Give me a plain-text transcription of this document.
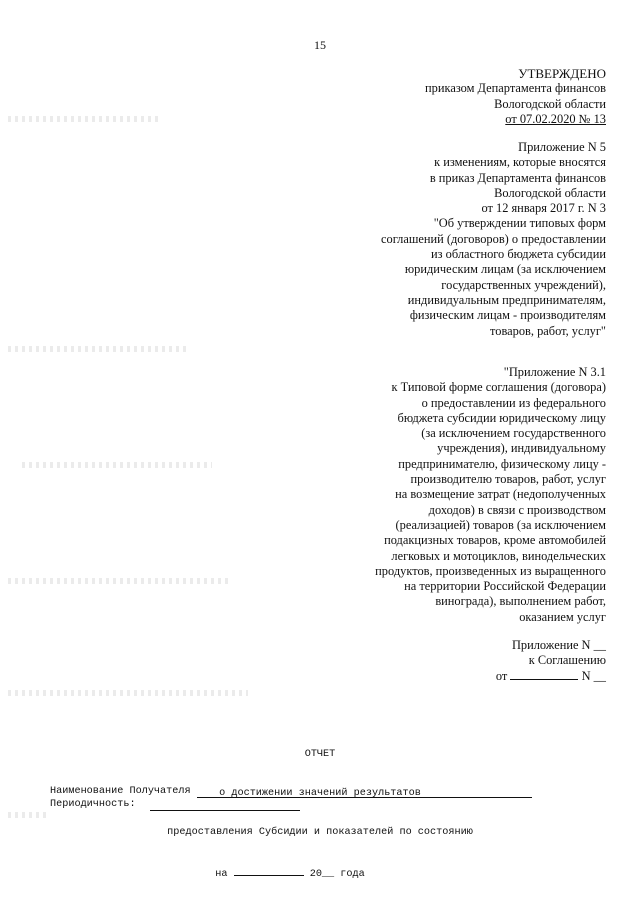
15
УТВЕРЖДЕНО
приказом Департамента финансов
Вологодской области
от 07.02.2020 № 13
Приложение N 5
к изменениям, которые вносятся
в приказ Департамента финансов
Вологодской области
от 12 января 2017 г. N 3
"Об утверждении типовых форм
соглашений (договоров) о предоставлении
из областного бюджета субсидии
юридическим лицам (за исключением
государственных учреждений),
индивидуальным предпринимателям,
физическим лицам - производителям
товаров, работ, услуг"
"Приложение N 3.1
к Типовой форме соглашения (договора)
о предоставлении из федерального
бюджета субсидии юридическому лицу
(за исключением государственного
учреждения), индивидуальному
предпринимателю, физическому лицу -
производителю товаров, работ, услуг
на возмещение затрат (недополученных
доходов) в связи с производством
(реализацией) товаров (за исключением
подакцизных товаров, кроме автомобилей
легковых и мотоциклов, винодельческих
продуктов, произведенных из выращенного
на территории Российской Федерации
винограда), выполнением работ,
оказанием услуг
Приложение N __
к Соглашению
от	N __

ОТЧЕТ

о достижении значений результатов

предоставления Субсидии и показателей по состоянию

на	20__ года

Наименование Получателя
Периодичность:
